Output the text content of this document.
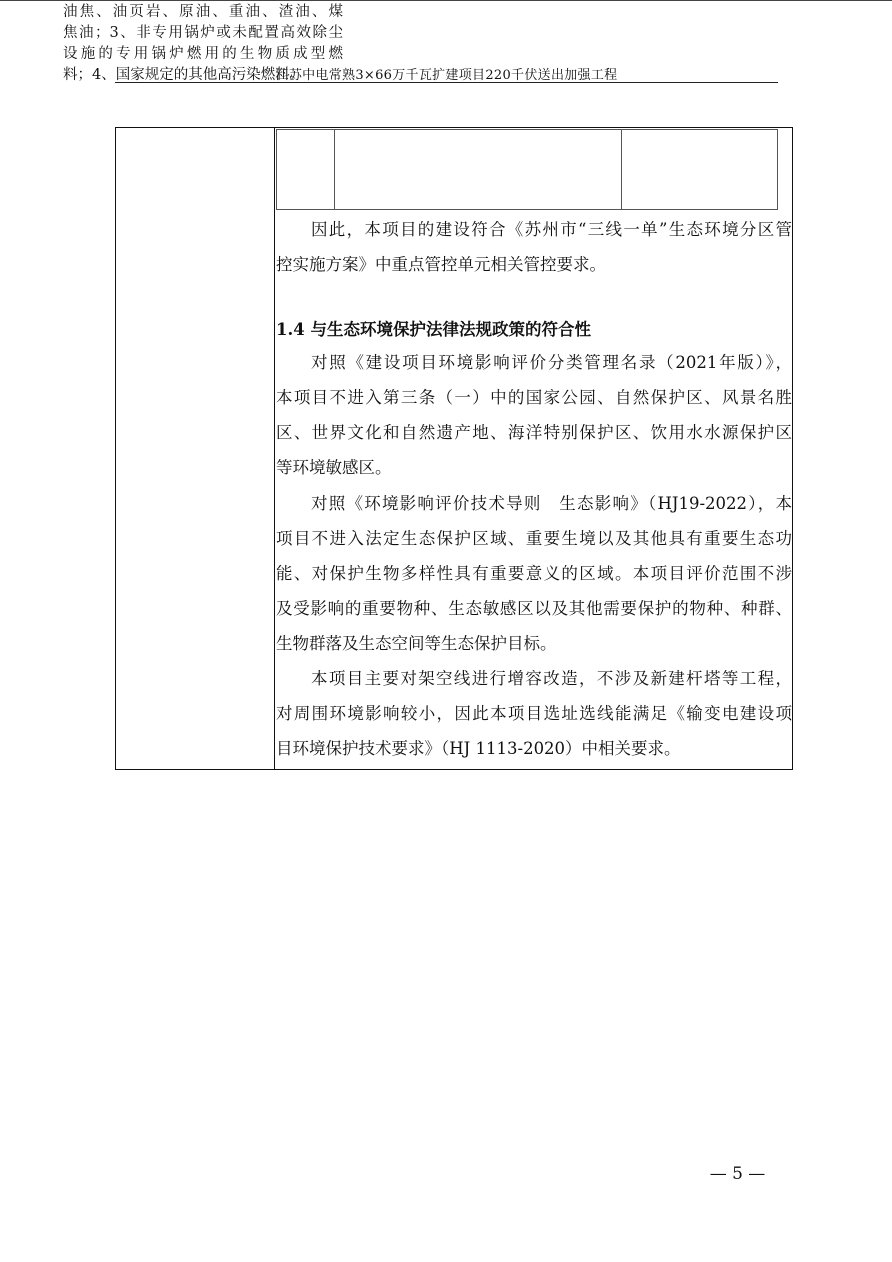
江苏中电常熟3×66万千瓦扩建项目220千伏送出加强工程
油焦、油页岩、原油、重油、渣油、煤
焦油；3、非专用锅炉或未配置高效除尘
设施的专用锅炉燃用的生物质成型燃
料；4、国家规定的其他高污染燃料。
因此，本项目的建设符合《苏州市“三线一单”生态环境分区管
控实施方案》中重点管控单元相关管控要求。
1.4 与生态环境保护法律法规政策的符合性
对照《建设项目环境影响评价分类管理名录（2021年版）》，
本项目不进入第三条（一）中的国家公园、自然保护区、风景名胜
区、世界文化和自然遗产地、海洋特别保护区、饮用水水源保护区
等环境敏感区。
对照《环境影响评价技术导则　生态影响》（HJ19-2022），本
项目不进入法定生态保护区域、重要生境以及其他具有重要生态功
能、对保护生物多样性具有重要意义的区域。本项目评价范围不涉
及受影响的重要物种、生态敏感区以及其他需要保护的物种、种群、
生物群落及生态空间等生态保护目标。
本项目主要对架空线进行增容改造，不涉及新建杆塔等工程，
对周围环境影响较小，因此本项目选址选线能满足《输变电建设项
目环境保护技术要求》（HJ 1113-2020）中相关要求。
— 5 —
